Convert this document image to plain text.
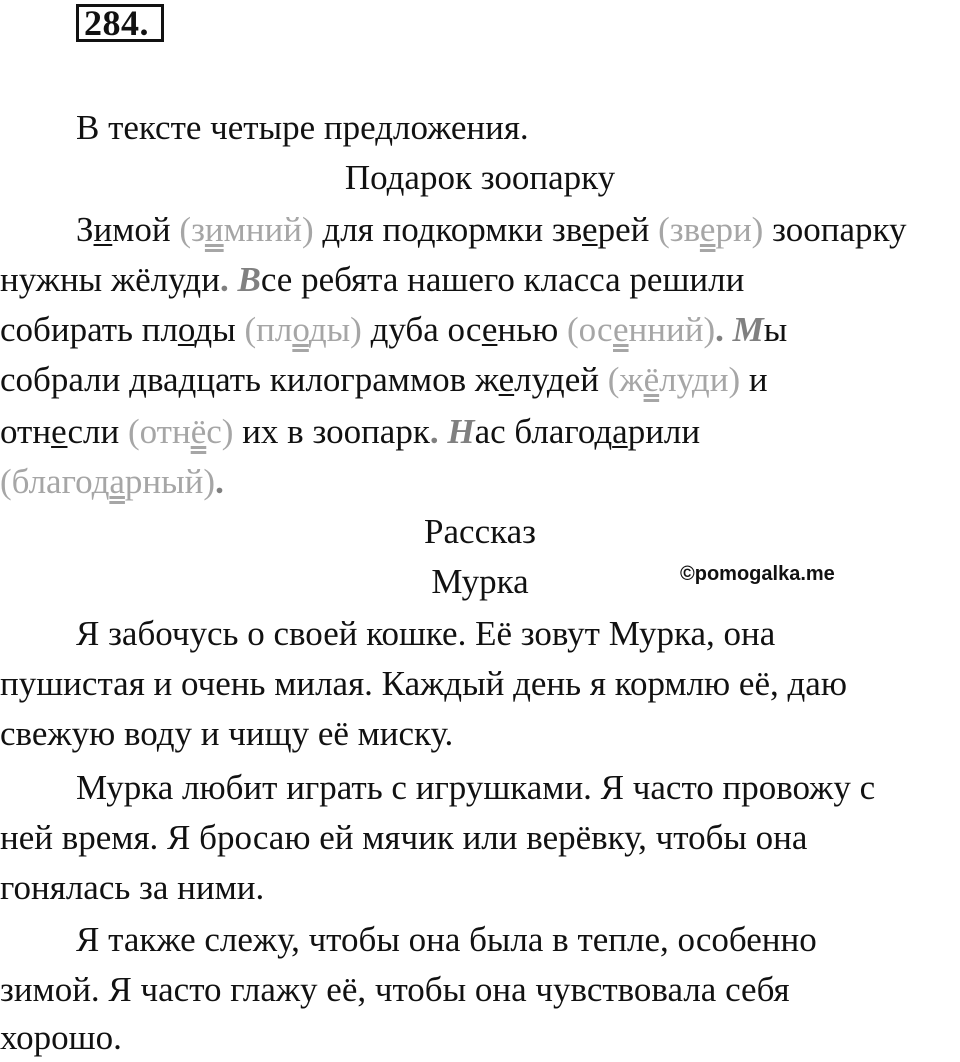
284.
В тексте четыре предложения.
Подарок зоопарку
Зимой (зимний) для подкормки зверей (звери) зоопарку
нужны жёлуди. Все ребята нашего класса решили
собирать плоды (плоды) дуба осенью (осенний). Мы
собрали двадцать килограммов желудей (жёлуди) и
отнесли (отнёс) их в зоопарк. Нас благодарили
(благодарный).
Рассказ
Мурка	©pomogalka.me
Я забочусь о своей кошке. Её зовут Мурка, она
пушистая и очень милая. Каждый день я кормлю её, даю
свежую воду и чищу её миску.
Мурка любит играть с игрушками. Я часто провожу с
ней время. Я бросаю ей мячик или верёвку, чтобы она
гонялась за ними.
Я также слежу, чтобы она была в тепле, особенно
зимой. Я часто глажу её, чтобы она чувствовала себя
хорошо.
